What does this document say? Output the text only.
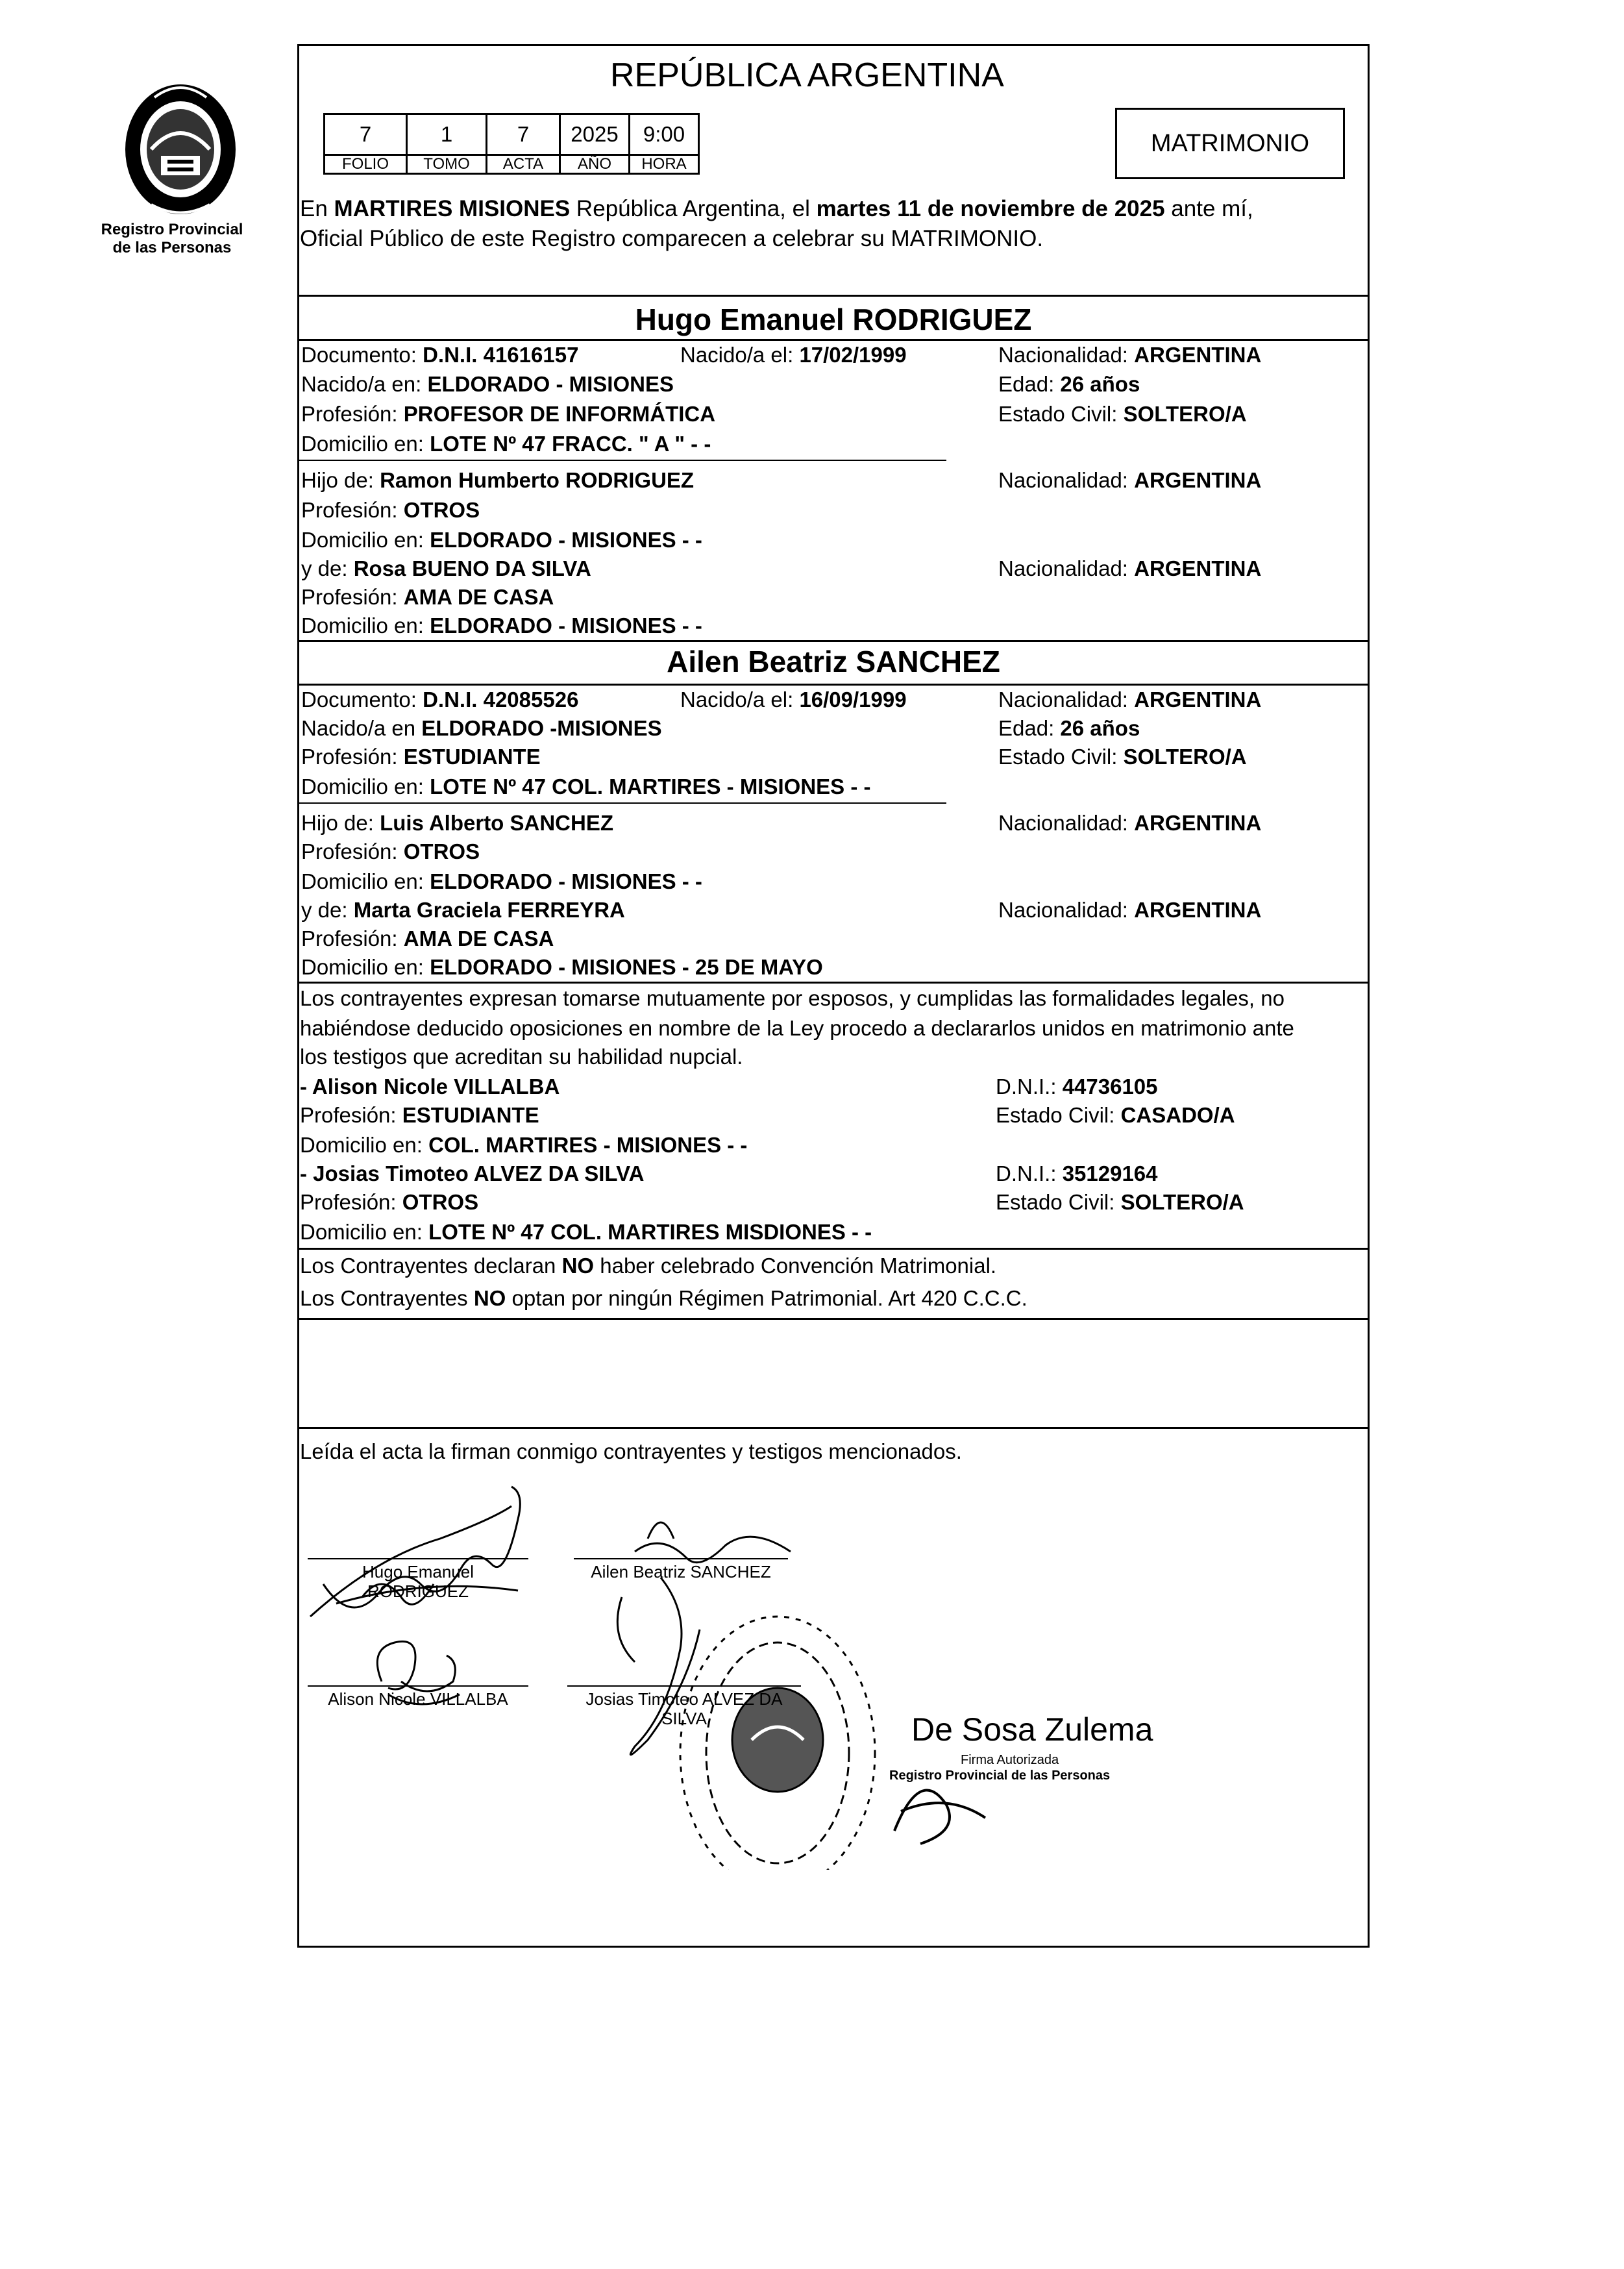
Registro Provincial
de las Personas
REPÚBLICA ARGENTINA
7	1	7	2025	9:00
FOLIO	TOMO	ACTA	AÑO	HORA
MATRIMONIO
En MARTIRES MISIONES República Argentina, el martes 11 de noviembre de 2025 ante mí,
Oficial Público de este Registro comparecen a celebrar su MATRIMONIO.
Hugo Emanuel RODRIGUEZ
Documento: D.N.I. 41616157	Nacido/a el: 17/02/1999	Nacionalidad: ARGENTINA
Nacido/a en: ELDORADO - MISIONES	Edad: 26 años
Profesión: PROFESOR DE INFORMÁTICA	Estado Civil: SOLTERO/A
Domicilio en: LOTE Nº 47 FRACC. " A " - -
Hijo de: Ramon Humberto RODRIGUEZ	Nacionalidad: ARGENTINA
Profesión: OTROS
Domicilio en: ELDORADO - MISIONES - -
y de: Rosa BUENO DA SILVA	Nacionalidad: ARGENTINA
Profesión: AMA DE CASA
Domicilio en: ELDORADO - MISIONES - -
Ailen Beatriz SANCHEZ
Documento: D.N.I. 42085526	Nacido/a el: 16/09/1999	Nacionalidad: ARGENTINA
Nacido/a en ELDORADO -MISIONES	Edad: 26 años
Profesión: ESTUDIANTE	Estado Civil: SOLTERO/A
Domicilio en: LOTE Nº 47 COL. MARTIRES - MISIONES - -
Hijo de: Luis Alberto SANCHEZ	Nacionalidad: ARGENTINA
Profesión: OTROS
Domicilio en: ELDORADO - MISIONES - -
y de: Marta Graciela FERREYRA	Nacionalidad: ARGENTINA
Profesión: AMA DE CASA
Domicilio en: ELDORADO - MISIONES - 25 DE MAYO
Los contrayentes expresan tomarse mutuamente por esposos, y cumplidas las formalidades legales, no
habiéndose deducido oposiciones en nombre de la Ley procedo a declararlos unidos en matrimonio ante
los testigos que acreditan su habilidad nupcial.
- Alison Nicole VILLALBA	D.N.I.: 44736105
Profesión: ESTUDIANTE	Estado Civil: CASADO/A
Domicilio en: COL. MARTIRES - MISIONES - -
- Josias Timoteo ALVEZ DA SILVA	D.N.I.: 35129164
Profesión: OTROS	Estado Civil: SOLTERO/A
Domicilio en: LOTE Nº 47 COL. MARTIRES MISDIONES - -
Los Contrayentes declaran NO haber celebrado Convención Matrimonial.
Los Contrayentes NO optan por ningún Régimen Patrimonial. Art 420 C.C.C.
Leída el acta la firman conmigo contrayentes y testigos mencionados.
Hugo Emanuel
RODRIGUEZ
Ailen Beatriz SANCHEZ
Alison Nicole VILLALBA	Josias Timoteo ALVEZ DA
SILVA	De Sosa Zulema
Firma Autorizada
Registro Provincial de las Personas
